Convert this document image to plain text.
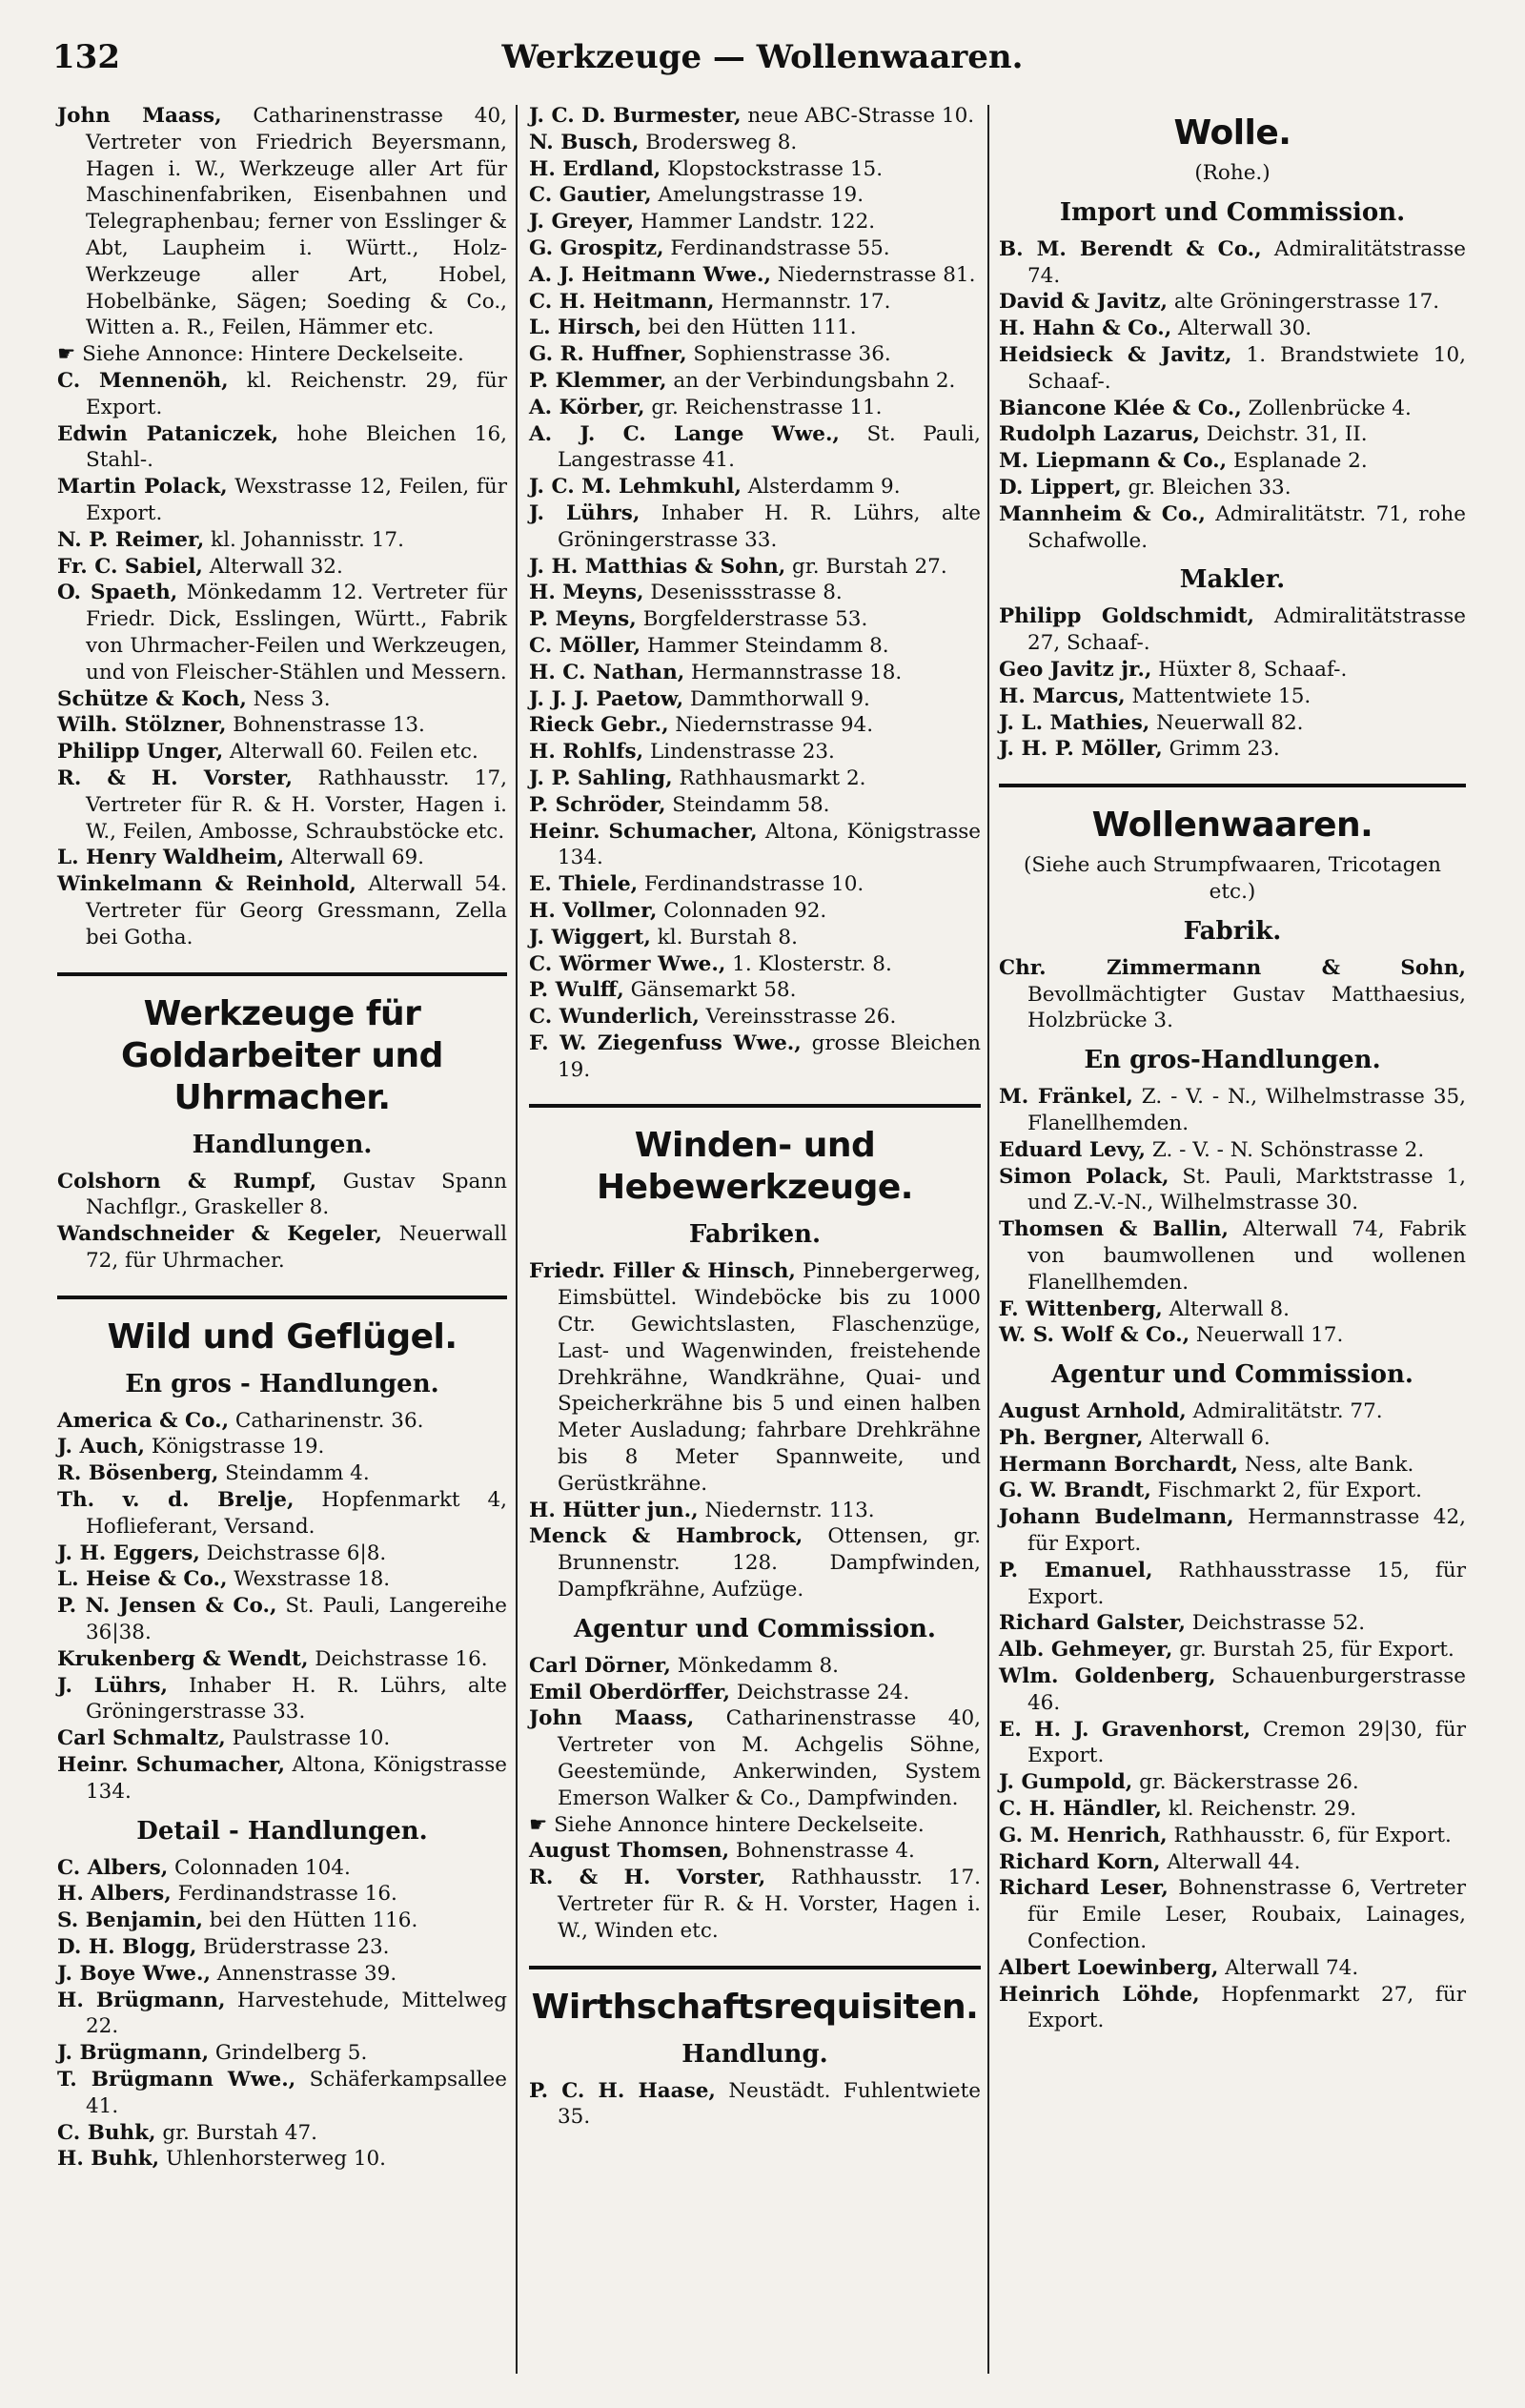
132	Werkzeuge — Wollenwaaren.

John Maass, Catharinenstrasse 40, Vertreter von Friedrich Beyersmann, Hagen i. W., Werkzeuge aller Art für Maschinenfabriken, Eisenbahnen und Telegraphenbau; ferner von Esslinger & Abt, Laupheim i. Württ., Holz-Werkzeuge aller Art, Hobel, Hobelbänke, Sägen; Soeding & Co., Witten a. R., Feilen, Hämmer etc.

☛ Siehe Annonce: Hintere Deckelseite.

C. Mennenöh, kl. Reichenstr. 29, für Export.

Edwin Pataniczek, hohe Bleichen 16, Stahl-.

Martin Polack, Wexstrasse 12, Feilen, für Export.

N. P. Reimer, kl. Johannisstr. 17.

Fr. C. Sabiel, Alterwall 32.

O. Spaeth, Mönkedamm 12. Vertreter für Friedr. Dick, Esslingen, Württ., Fabrik von Uhrmacher-Feilen und Werkzeugen, und von Fleischer-Stählen und Messern.

Schütze & Koch, Ness 3.

Wilh. Stölzner, Bohnenstrasse 13.

Philipp Unger, Alterwall 60. Feilen etc.

R. & H. Vorster, Rathhausstr. 17, Vertreter für R. & H. Vorster, Hagen i. W., Feilen, Ambosse, Schraubstöcke etc.

L. Henry Waldheim, Alterwall 69.

Winkelmann & Reinhold, Alterwall 54. Vertreter für Georg Gressmann, Zella bei Gotha.

Werkzeuge für Goldarbeiter und Uhrmacher.
Handlungen.

Colshorn & Rumpf, Gustav Spann Nachflgr., Graskeller 8.

Wandschneider & Kegeler, Neuerwall 72, für Uhrmacher.

Wild und Geflügel.
En gros - Handlungen.

America & Co., Catharinenstr. 36.

J. Auch, Königstrasse 19.

R. Bösenberg, Steindamm 4.

Th. v. d. Brelje, Hopfenmarkt 4, Hoflieferant, Versand.

J. H. Eggers, Deichstrasse 6|8.

L. Heise & Co., Wexstrasse 18.

P. N. Jensen & Co., St. Pauli, Langereihe 36|38.

Krukenberg & Wendt, Deichstrasse 16.

J. Lührs, Inhaber H. R. Lührs, alte Gröningerstrasse 33.

Carl Schmaltz, Paulstrasse 10.

Heinr. Schumacher, Altona, Königstrasse 134.

Detail - Handlungen.

C. Albers, Colonnaden 104.

H. Albers, Ferdinandstrasse 16.

S. Benjamin, bei den Hütten 116.

D. H. Blogg, Brüderstrasse 23.

J. Boye Wwe., Annenstrasse 39.

H. Brügmann, Harvestehude, Mittelweg 22.

J. Brügmann, Grindelberg 5.

T. Brügmann Wwe., Schäferkampsallee 41.

C. Buhk, gr. Burstah 47.

H. Buhk, Uhlenhorsterweg 10.

J. C. D. Burmester, neue ABC-Strasse 10.

N. Busch, Brodersweg 8.

H. Erdland, Klopstockstrasse 15.

C. Gautier, Amelungstrasse 19.

J. Greyer, Hammer Landstr. 122.

G. Grospitz, Ferdinandstrasse 55.

A. J. Heitmann Wwe., Niedernstrasse 81.

C. H. Heitmann, Hermannstr. 17.

L. Hirsch, bei den Hütten 111.

G. R. Huffner, Sophienstrasse 36.

P. Klemmer, an der Verbindungsbahn 2.

A. Körber, gr. Reichenstrasse 11.

A. J. C. Lange Wwe., St. Pauli, Langestrasse 41.

J. C. M. Lehmkuhl, Alsterdamm 9.

J. Lührs, Inhaber H. R. Lührs, alte Gröningerstrasse 33.

J. H. Matthias & Sohn, gr. Burstah 27.

H. Meyns, Desenissstrasse 8.

P. Meyns, Borgfelderstrasse 53.

C. Möller, Hammer Steindamm 8.

H. C. Nathan, Hermannstrasse 18.

J. J. J. Paetow, Dammthorwall 9.

Rieck Gebr., Niedernstrasse 94.

H. Rohlfs, Lindenstrasse 23.

J. P. Sahling, Rathhausmarkt 2.

P. Schröder, Steindamm 58.

Heinr. Schumacher, Altona, Königstrasse 134.

E. Thiele, Ferdinandstrasse 10.

H. Vollmer, Colonnaden 92.

J. Wiggert, kl. Burstah 8.

C. Wörmer Wwe., 1. Klosterstr. 8.

P. Wulff, Gänsemarkt 58.

C. Wunderlich, Vereinsstrasse 26.

F. W. Ziegenfuss Wwe., grosse Bleichen 19.

Winden- und Hebewerkzeuge.
Fabriken.

Friedr. Filler & Hinsch, Pinnebergerweg, Eimsbüttel. Windeböcke bis zu 1000 Ctr. Gewichtslasten, Flaschenzüge, Last- und Wagenwinden, freistehende Drehkrähne, Wandkrähne, Quai- und Speicherkrähne bis 5 und einen halben Meter Ausladung; fahrbare Drehkrähne bis 8 Meter Spannweite, und Gerüstkrähne.

H. Hütter jun., Niedernstr. 113.

Menck & Hambrock, Ottensen, gr. Brunnenstr. 128. Dampfwinden, Dampfkrähne, Aufzüge.

Agentur und Commission.

Carl Dörner, Mönkedamm 8.

Emil Oberdörffer, Deichstrasse 24.

John Maass, Catharinenstrasse 40, Vertreter von M. Achgelis Söhne, Geestemünde, Ankerwinden, System Emerson Walker & Co., Dampfwinden.

☛ Siehe Annonce hintere Deckelseite.

August Thomsen, Bohnenstrasse 4.

R. & H. Vorster, Rathhausstr. 17. Vertreter für R. & H. Vorster, Hagen i. W., Winden etc.

Wirthschaftsrequisiten.
Handlung.

P. C. H. Haase, Neustädt. Fuhlentwiete 35.

Wolle.
(Rohe.)
Import und Commission.

B. M. Berendt & Co., Admiralitätstrasse 74.

David & Javitz, alte Gröningerstrasse 17.

H. Hahn & Co., Alterwall 30.

Heidsieck & Javitz, 1. Brandstwiete 10, Schaaf-.

Biancone Klée & Co., Zollenbrücke 4.

Rudolph Lazarus, Deichstr. 31, II.

M. Liepmann & Co., Esplanade 2.

D. Lippert, gr. Bleichen 33.

Mannheim & Co., Admiralitätstr. 71, rohe Schafwolle.

Makler.

Philipp Goldschmidt, Admiralitätstrasse 27, Schaaf-.

Geo Javitz jr., Hüxter 8, Schaaf-.

H. Marcus, Mattentwiete 15.

J. L. Mathies, Neuerwall 82.

J. H. P. Möller, Grimm 23.

Wollenwaaren.
(Siehe auch Strumpfwaaren, Tricotagen etc.)
Fabrik.

Chr. Zimmermann & Sohn, Bevollmächtigter Gustav Matthaesius, Holzbrücke 3.

En gros-Handlungen.

M. Fränkel, Z. - V. - N., Wilhelmstrasse 35, Flanellhemden.

Eduard Levy, Z. - V. - N. Schönstrasse 2.

Simon Polack, St. Pauli, Marktstrasse 1, und Z.-V.-N., Wilhelmstrasse 30.

Thomsen & Ballin, Alterwall 74, Fabrik von baumwollenen und wollenen Flanellhemden.

F. Wittenberg, Alterwall 8.

W. S. Wolf & Co., Neuerwall 17.

Agentur und Commission.

August Arnhold, Admiralitätstr. 77.

Ph. Bergner, Alterwall 6.

Hermann Borchardt, Ness, alte Bank.

G. W. Brandt, Fischmarkt 2, für Export.

Johann Budelmann, Hermannstrasse 42, für Export.

P. Emanuel, Rathhausstrasse 15, für Export.

Richard Galster, Deichstrasse 52.

Alb. Gehmeyer, gr. Burstah 25, für Export.

Wlm. Goldenberg, Schauenburgerstrasse 46.

E. H. J. Gravenhorst, Cremon 29|30, für Export.

J. Gumpold, gr. Bäckerstrasse 26.

C. H. Händler, kl. Reichenstr. 29.

G. M. Henrich, Rathhausstr. 6, für Export.

Richard Korn, Alterwall 44.

Richard Leser, Bohnenstrasse 6, Vertreter für Emile Leser, Roubaix, Lainages, Confection.

Albert Loewinberg, Alterwall 74.

Heinrich Löhde, Hopfenmarkt 27, für Export.
